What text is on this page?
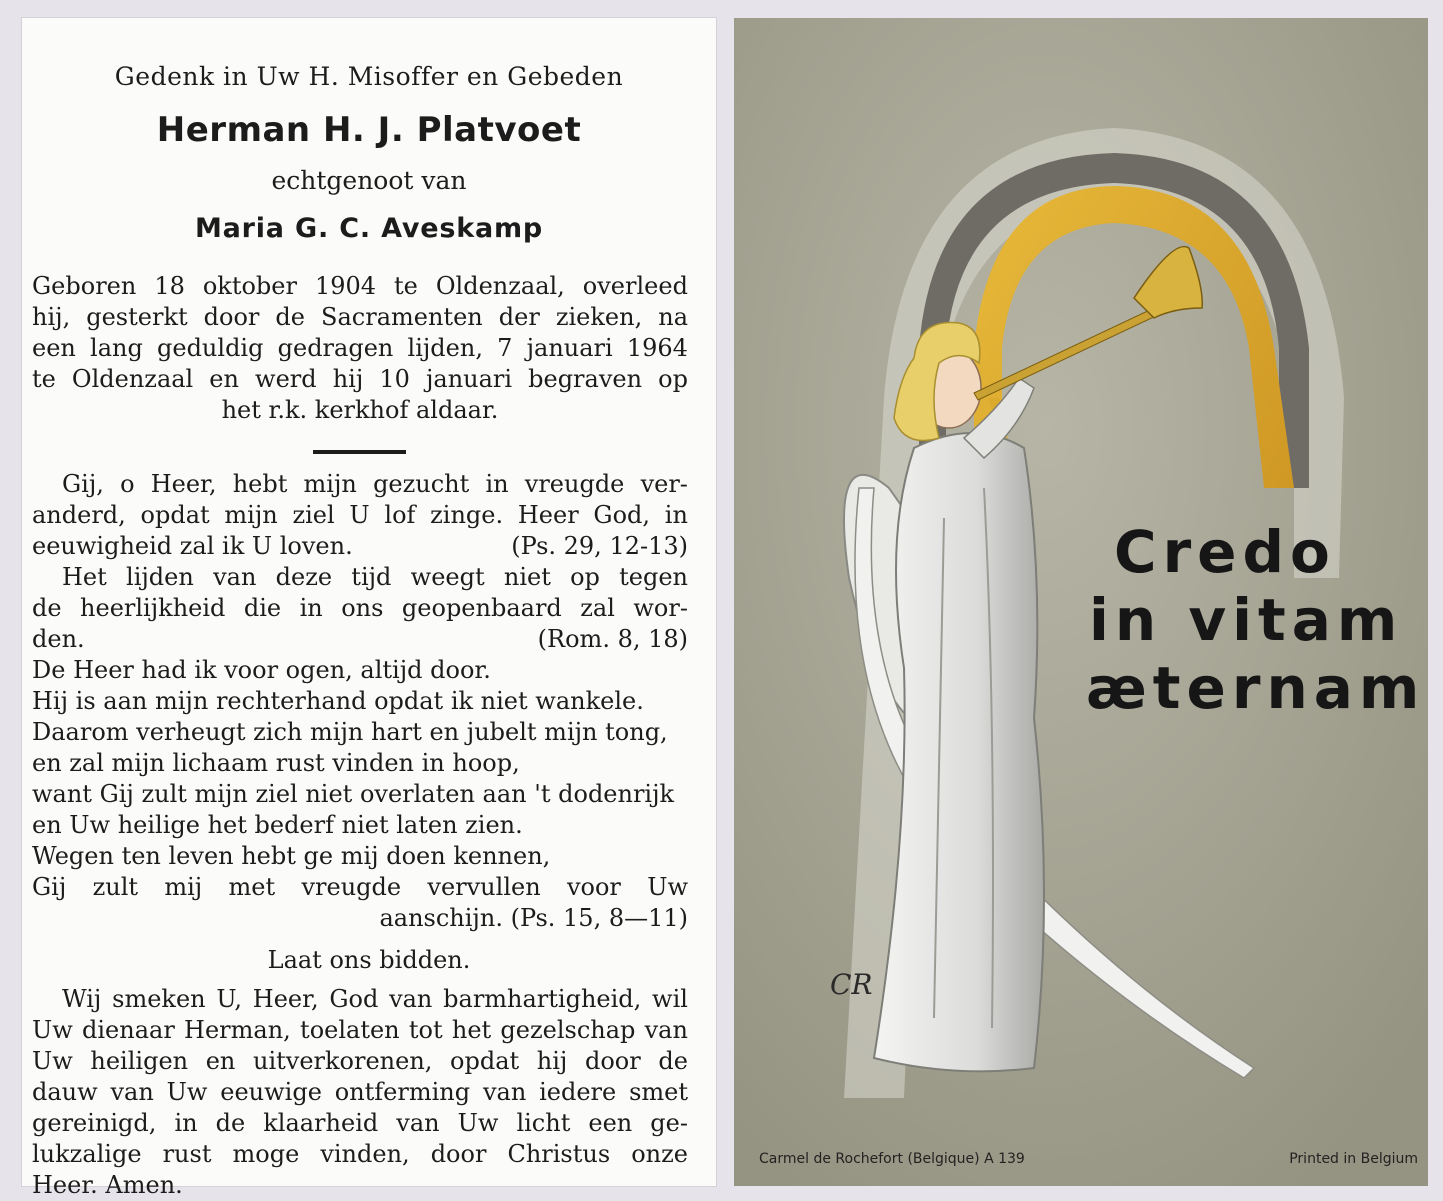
Gedenk in Uw H. Misoffer en Gebeden
Herman H. J. Platvoet
echtgenoot van
Maria G. C. Aveskamp
Geboren 18 oktober 1904 te Oldenzaal, overleed
hij, gesterkt door de Sacramenten der zieken, na
een lang geduldig gedragen lijden, 7 januari 1964
te Oldenzaal en werd hij 10 januari begraven op
het r.k. kerkhof aldaar.
Gij, o Heer, hebt mijn gezucht in vreugde ver-
anderd, opdat mijn ziel U lof zinge. Heer God, in
eeuwigheid zal ik U loven.	(Ps. 29, 12-13)
Het lijden van deze tijd weegt niet op tegen
de heerlijkheid die in ons geopenbaard zal wor-
den.	(Rom. 8, 18)
De Heer had ik voor ogen, altijd door.
Hij is aan mijn rechterhand opdat ik niet wankele.
Daarom verheugt zich mijn hart en jubelt mijn tong,
en zal mijn lichaam rust vinden in hoop,
want Gij zult mijn ziel niet overlaten aan 't dodenrijk
en Uw heilige het bederf niet laten zien.
Wegen ten leven hebt ge mij doen kennen,
Gij zult mij met vreugde vervullen voor Uw
aanschijn. (Ps. 15, 8—11)
Laat ons bidden.
Wij smeken U, Heer, God van barmhartigheid, wil
Uw dienaar Herman, toelaten tot het gezelschap van
Uw heiligen en uitverkorenen, opdat hij door de
dauw van Uw eeuwige ontferming van iedere smet
gereinigd, in de klaarheid van Uw licht een ge-
lukzalige rust moge vinden, door Christus onze
Heer. Amen.
Credo
in vitam
æternam
CR
Carmel de Rochefort (Belgique) A 139	Printed in Belgium
